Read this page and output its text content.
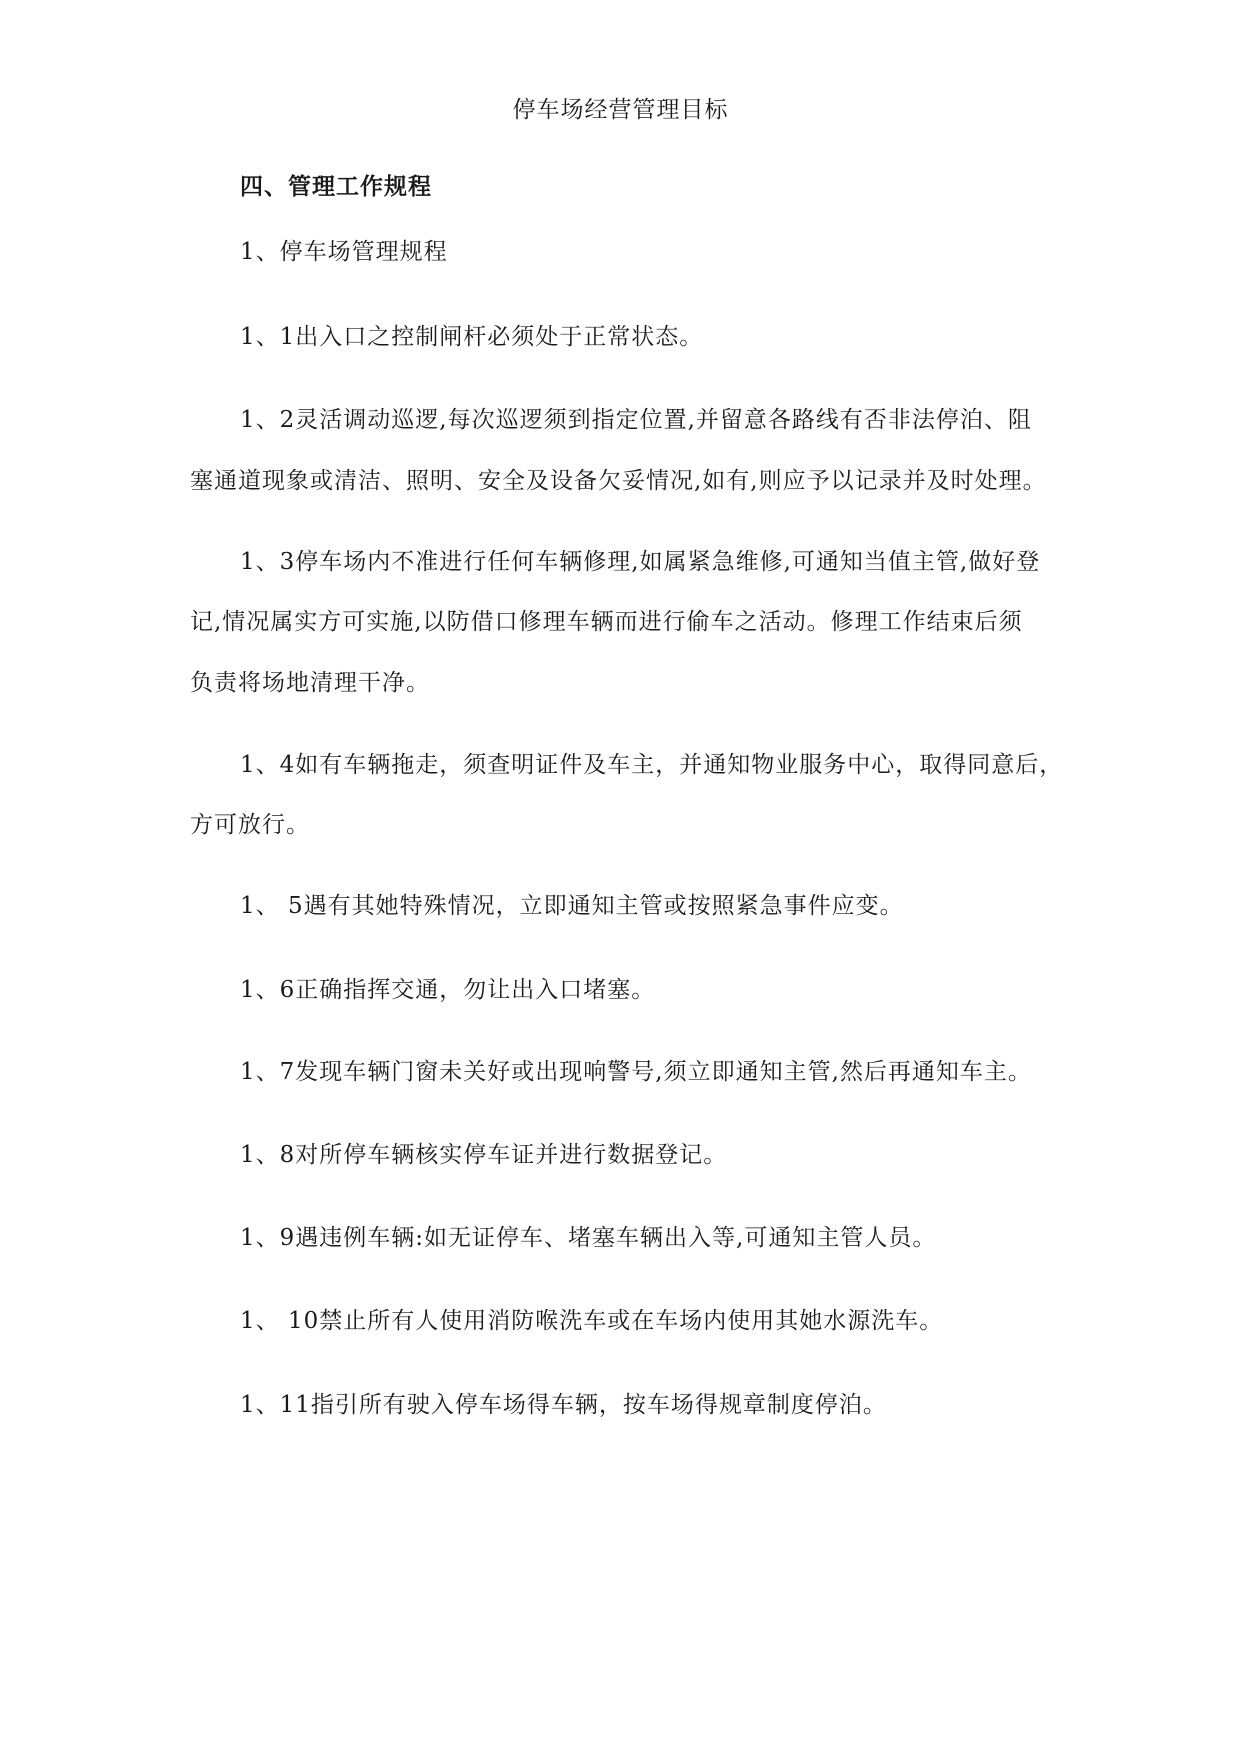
停车场经营管理目标
四、管理工作规程
1、停车场管理规程
1、1出入口之控制闸杆必须处于正常状态。
1、2灵活调动巡逻,每次巡逻须到指定位置,并留意各路线有否非法停泊、阻
塞通道现象或清洁、照明、安全及设备欠妥情况,如有,则应予以记录并及时处理。
1、3停车场内不准进行任何车辆修理,如属紧急维修,可通知当值主管,做好登
记,情况属实方可实施,以防借口修理车辆而进行偷车之活动。修理工作结束后须
负责将场地清理干净。
1、4如有车辆拖走，须查明证件及车主，并通知物业服务中心，取得同意后，
方可放行。
1、 5遇有其她特殊情况，立即通知主管或按照紧急事件应变。
1、6正确指挥交通，勿让出入口堵塞。
1、7发现车辆门窗未关好或出现响警号,须立即通知主管,然后再通知车主。
1、8对所停车辆核实停车证并进行数据登记。
1、9遇违例车辆:如无证停车、堵塞车辆出入等,可通知主管人员。
1、 10禁止所有人使用消防喉洗车或在车场内使用其她水源洗车。
1、11指引所有驶入停车场得车辆，按车场得规章制度停泊。
